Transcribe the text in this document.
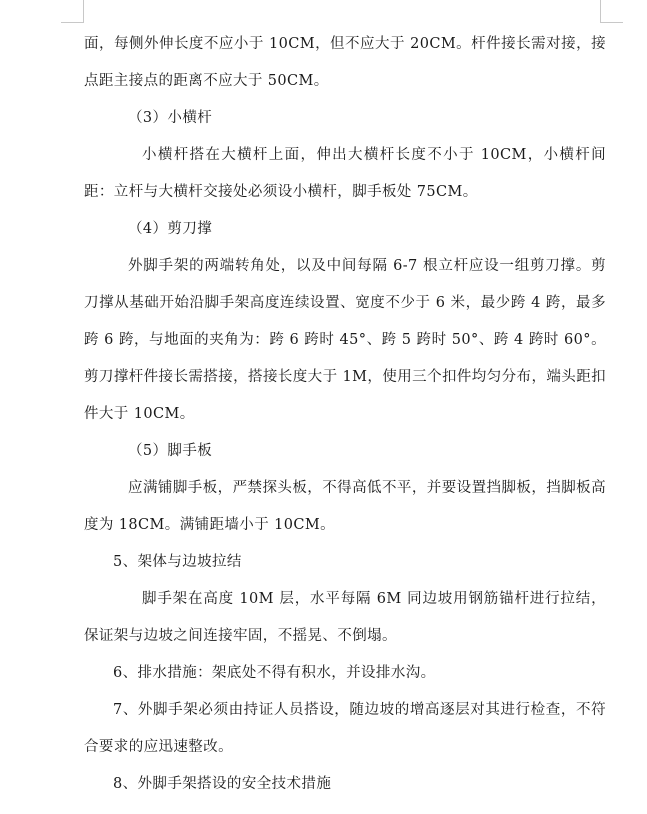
面，每侧外伸长度不应小于 10CM，但不应大于 20CM。杆件接长需对接，接点距主接点的距离不应大于 50CM。

（3）小横杆

小横杆搭在大横杆上面，伸出大横杆长度不小于 10CM，小横杆间距：立杆与大横杆交接处必须设小横杆，脚手板处 75CM。

（4）剪刀撑

外脚手架的两端转角处，以及中间每隔 6-7 根立杆应设一组剪刀撑。剪刀撑从基础开始沿脚手架高度连续设置、宽度不少于 6 米，最少跨 4 跨，最多跨 6 跨，与地面的夹角为：跨 6 跨时 45°、跨 5 跨时 50°、跨 4 跨时 60°。剪刀撑杆件接长需搭接，搭接长度大于 1M，使用三个扣件均匀分布，端头距扣件大于 10CM。

（5）脚手板

应满铺脚手板，严禁探头板，不得高低不平，并要设置挡脚板，挡脚板高度为 18CM。满铺距墙小于 10CM。

5、架体与边坡拉结

脚手架在高度 10M 层，水平每隔 6M 同边坡用钢筋锚杆进行拉结，保证架与边坡之间连接牢固，不摇晃、不倒塌。

6、排水措施：架底处不得有积水，并设排水沟。

7、外脚手架必须由持证人员搭设，随边坡的增高逐层对其进行检查，不符合要求的应迅速整改。

8、外脚手架搭设的安全技术措施
